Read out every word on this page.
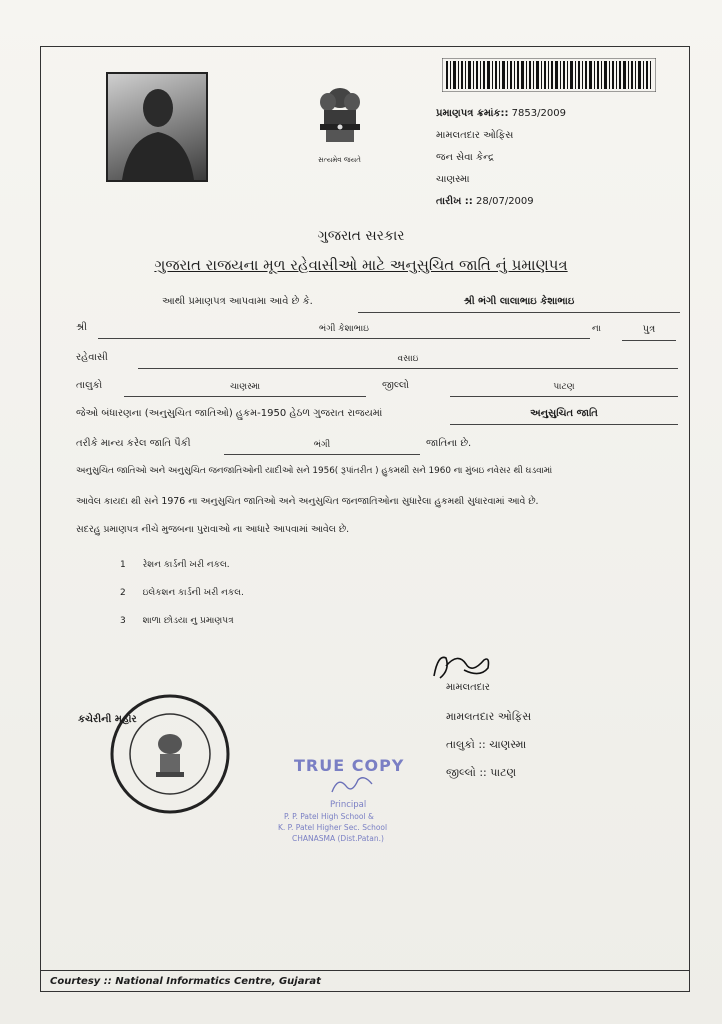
સત્યમેવ જયતે
પ્રમાણપત્ર ક્રમાંક:: 7853/2009
મામલતદાર ઓફિસ
જન સેવા કેન્દ્ર
ચાણસ્મા
તારીખ :: 28/07/2009
ગુજરાત સરકાર
ગુજરાત રાજયના મૂળ રહેવાસીઓ માટે અનુસુચિત જાતિ નું પ્રમાણપત્ર
આથી પ્રમાણપત્ર આપવામા આવે છે કે.	શ્રી ભંગી લાલાભાઇ કેશાભાઇ
શ્રી	ભંગી કેશાભાઇ	ના	પુત્ર
રહેવાસી	વસાઇ
તાલુકો	ચાણસ્મા	જીલ્લો	પાટણ
જેઓ બંધારણના (અનુસુચિત જાતિઓ) હુકમ-1950 હેઠળ ગુજરાત રાજયમાં	અનુસુચિત જાતિ
તરીકે માન્ય કરેલ જાતિ પૈકી	ભંગી	જાતિના છે.
અનુસુચિત જાતિઓ અને અનુસુચિત જનજાતિઓની યાદીઓ સને 1956( રૂપાંતરીત ) હુકમથી સને 1960 ના મુંબઇ નવેસર થી ઘડવામાં
આવેલ કાયદા થી સને 1976 ના અનુસુચિત જાતિઓ અને અનુસુચિત જનજાતિઓના સુધારેલા હુકમથી સુધારવામાં આવે છે.
સદરહુ પ્રમાણપત્ર નીચે મુજબના પુરાવાઓ ના આધારે આપવામાં આવેલ છે.
1 રેશન કાર્ડની ખરી નકલ.
2 ઇલેકશન કાર્ડની ખરી નકલ.
3 શાળા છોડયા નુ પ્રમાણપત્ર
મામલતદાર
મામલતદાર ઓફિસ
તાલુકો :: ચાણસ્મા
જીલ્લો :: પાટણ
કચેરીની મહોર
TRUE COPY
Principal
P. P. Patel High School &
K. P. Patel Higher Sec. School
CHANASMA (Dist.Patan.)
Courtesy :: National Informatics Centre, Gujarat
